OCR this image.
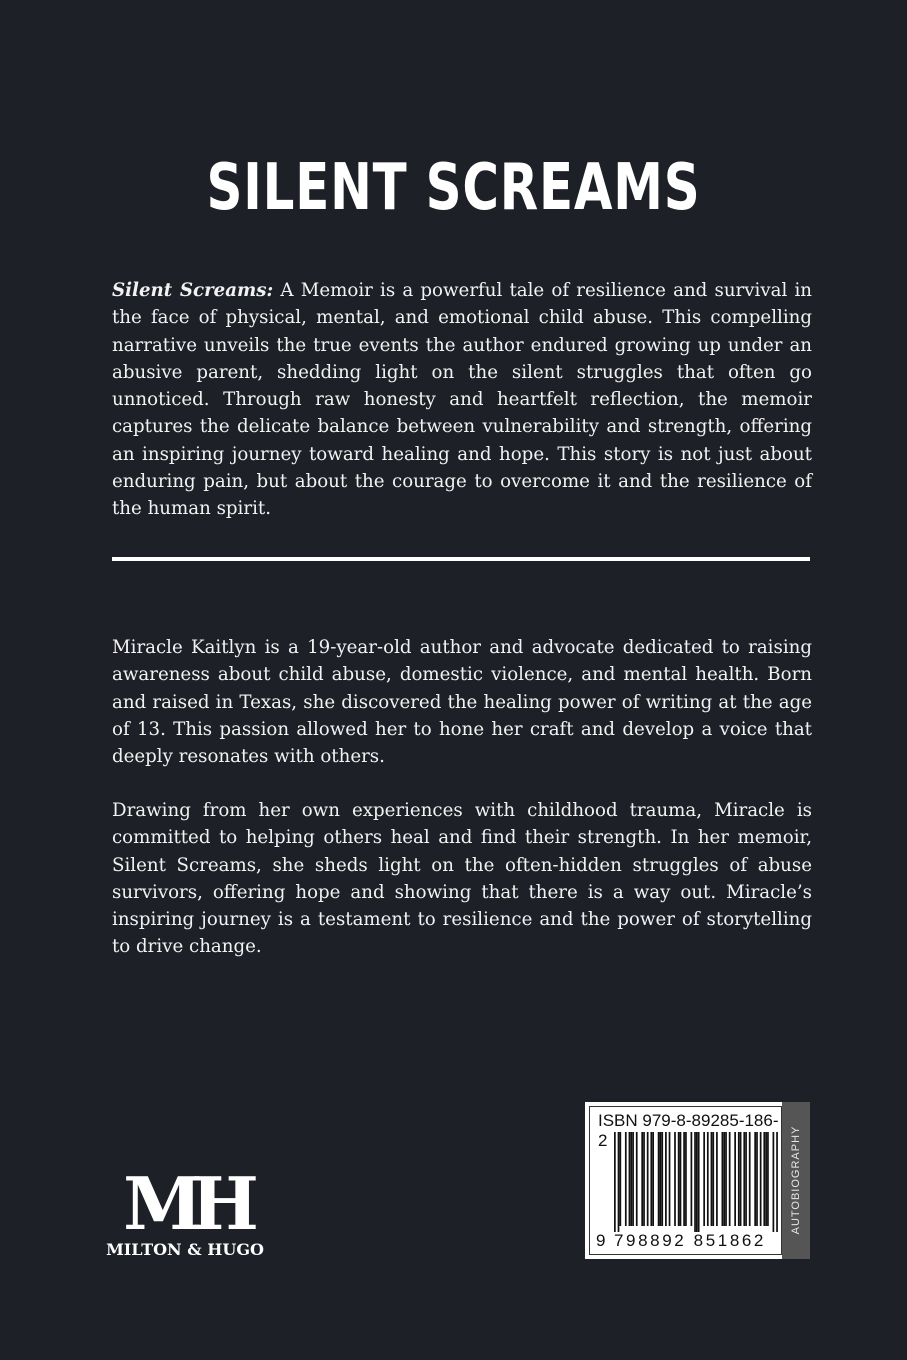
SILENT SCREAMS
Silent Screams: A Memoir is a powerful tale of resilience and survival in the face of physical, mental, and emotional child abuse. This compelling narrative unveils the true events the author endured growing up under an abusive parent, shedding light on the silent struggles that often go unnoticed. Through raw honesty and heartfelt reflection, the memoir captures the delicate balance between vulnerability and strength, offering an inspiring journey toward healing and hope. This story is not just about enduring pain, but about the courage to overcome it and the resilience of the human spirit.
Miracle Kaitlyn is a 19-year-old author and advocate dedicated to raising awareness about child abuse, domestic violence, and mental health. Born and raised in Texas, she discovered the healing power of writing at the age of 13. This passion allowed her to hone her craft and develop a voice that deeply resonates with others.
Drawing from her own experiences with childhood trauma, Miracle is committed to helping others heal and find their strength. In her memoir, Silent Screams, she sheds light on the often-hidden struggles of abuse survivors, offering hope and showing that there is a way out. Miracle’s inspiring journey is a testament to resilience and the power of storytelling to drive change.
MH
MILTON & HUGO
ISBN 979-8-89285-186-2
9 798892 851862
AUTOBIOGRAPHY
